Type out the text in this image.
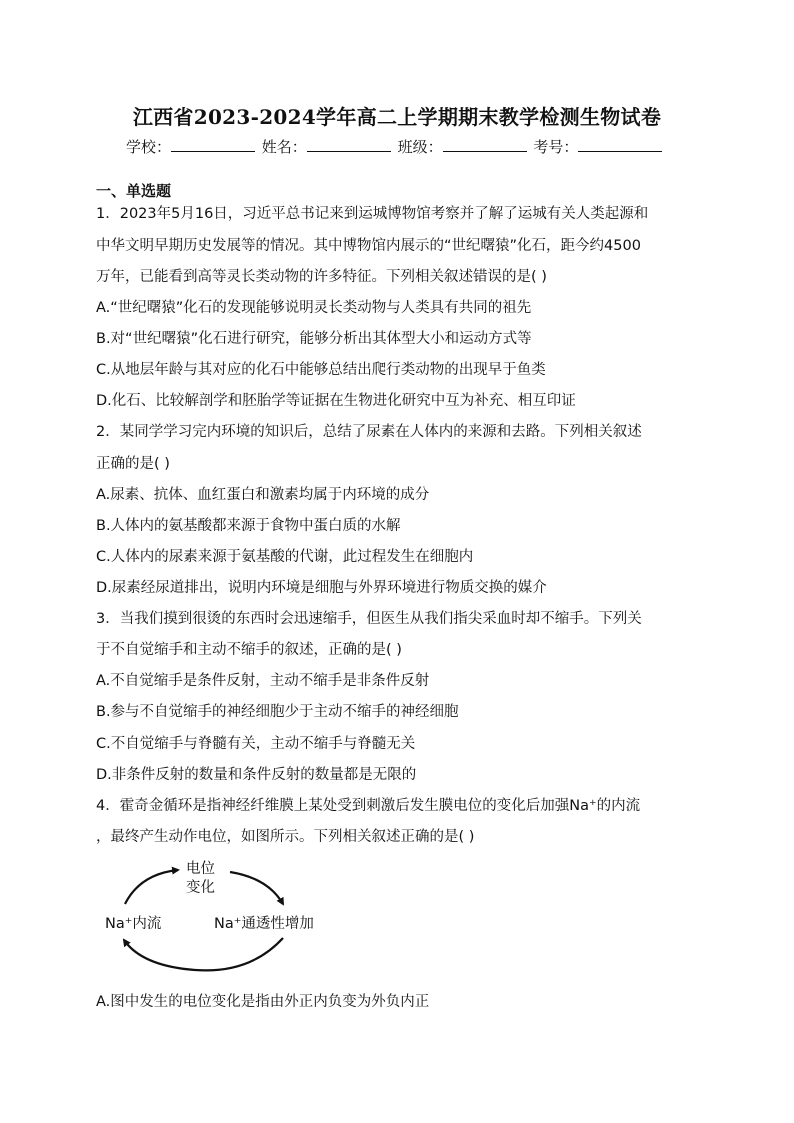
江西省2023-2024学年高二上学期期末教学检测生物试卷
学校：	姓名：	班级：	考号：
一、单选题
1．2023年5月16日，习近平总书记来到运城博物馆考察并了解了运城有关人类起源和
中华文明早期历史发展等的情况。其中博物馆内展示的“世纪曙猿”化石，距今约4500
万年，已能看到高等灵长类动物的许多特征。下列相关叙述错误的是( )
A.“世纪曙猿”化石的发现能够说明灵长类动物与人类具有共同的祖先
B.对“世纪曙猿”化石进行研究，能够分析出其体型大小和运动方式等
C.从地层年龄与其对应的化石中能够总结出爬行类动物的出现早于鱼类
D.化石、比较解剖学和胚胎学等证据在生物进化研究中互为补充、相互印证
2．某同学学习完内环境的知识后，总结了尿素在人体内的来源和去路。下列相关叙述
正确的是( )
A.尿素、抗体、血红蛋白和激素均属于内环境的成分
B.人体内的氨基酸都来源于食物中蛋白质的水解
C.人体内的尿素来源于氨基酸的代谢，此过程发生在细胞内
D.尿素经尿道排出，说明内环境是细胞与外界环境进行物质交换的媒介
3．当我们摸到很烫的东西时会迅速缩手，但医生从我们指尖采血时却不缩手。下列关
于不自觉缩手和主动不缩手的叙述，正确的是( )
A.不自觉缩手是条件反射，主动不缩手是非条件反射
B.参与不自觉缩手的神经细胞少于主动不缩手的神经细胞
C.不自觉缩手与脊髓有关，主动不缩手与脊髓无关
D.非条件反射的数量和条件反射的数量都是无限的
4．霍奇金循环是指神经纤维膜上某处受到刺激后发生膜电位的变化后加强Na⁺的内流
，最终产生动作电位，如图所示。下列相关叙述正确的是( )
电位
变化
Na⁺内流	Na⁺通透性增加
A.图中发生的电位变化是指由外正内负变为外负内正
